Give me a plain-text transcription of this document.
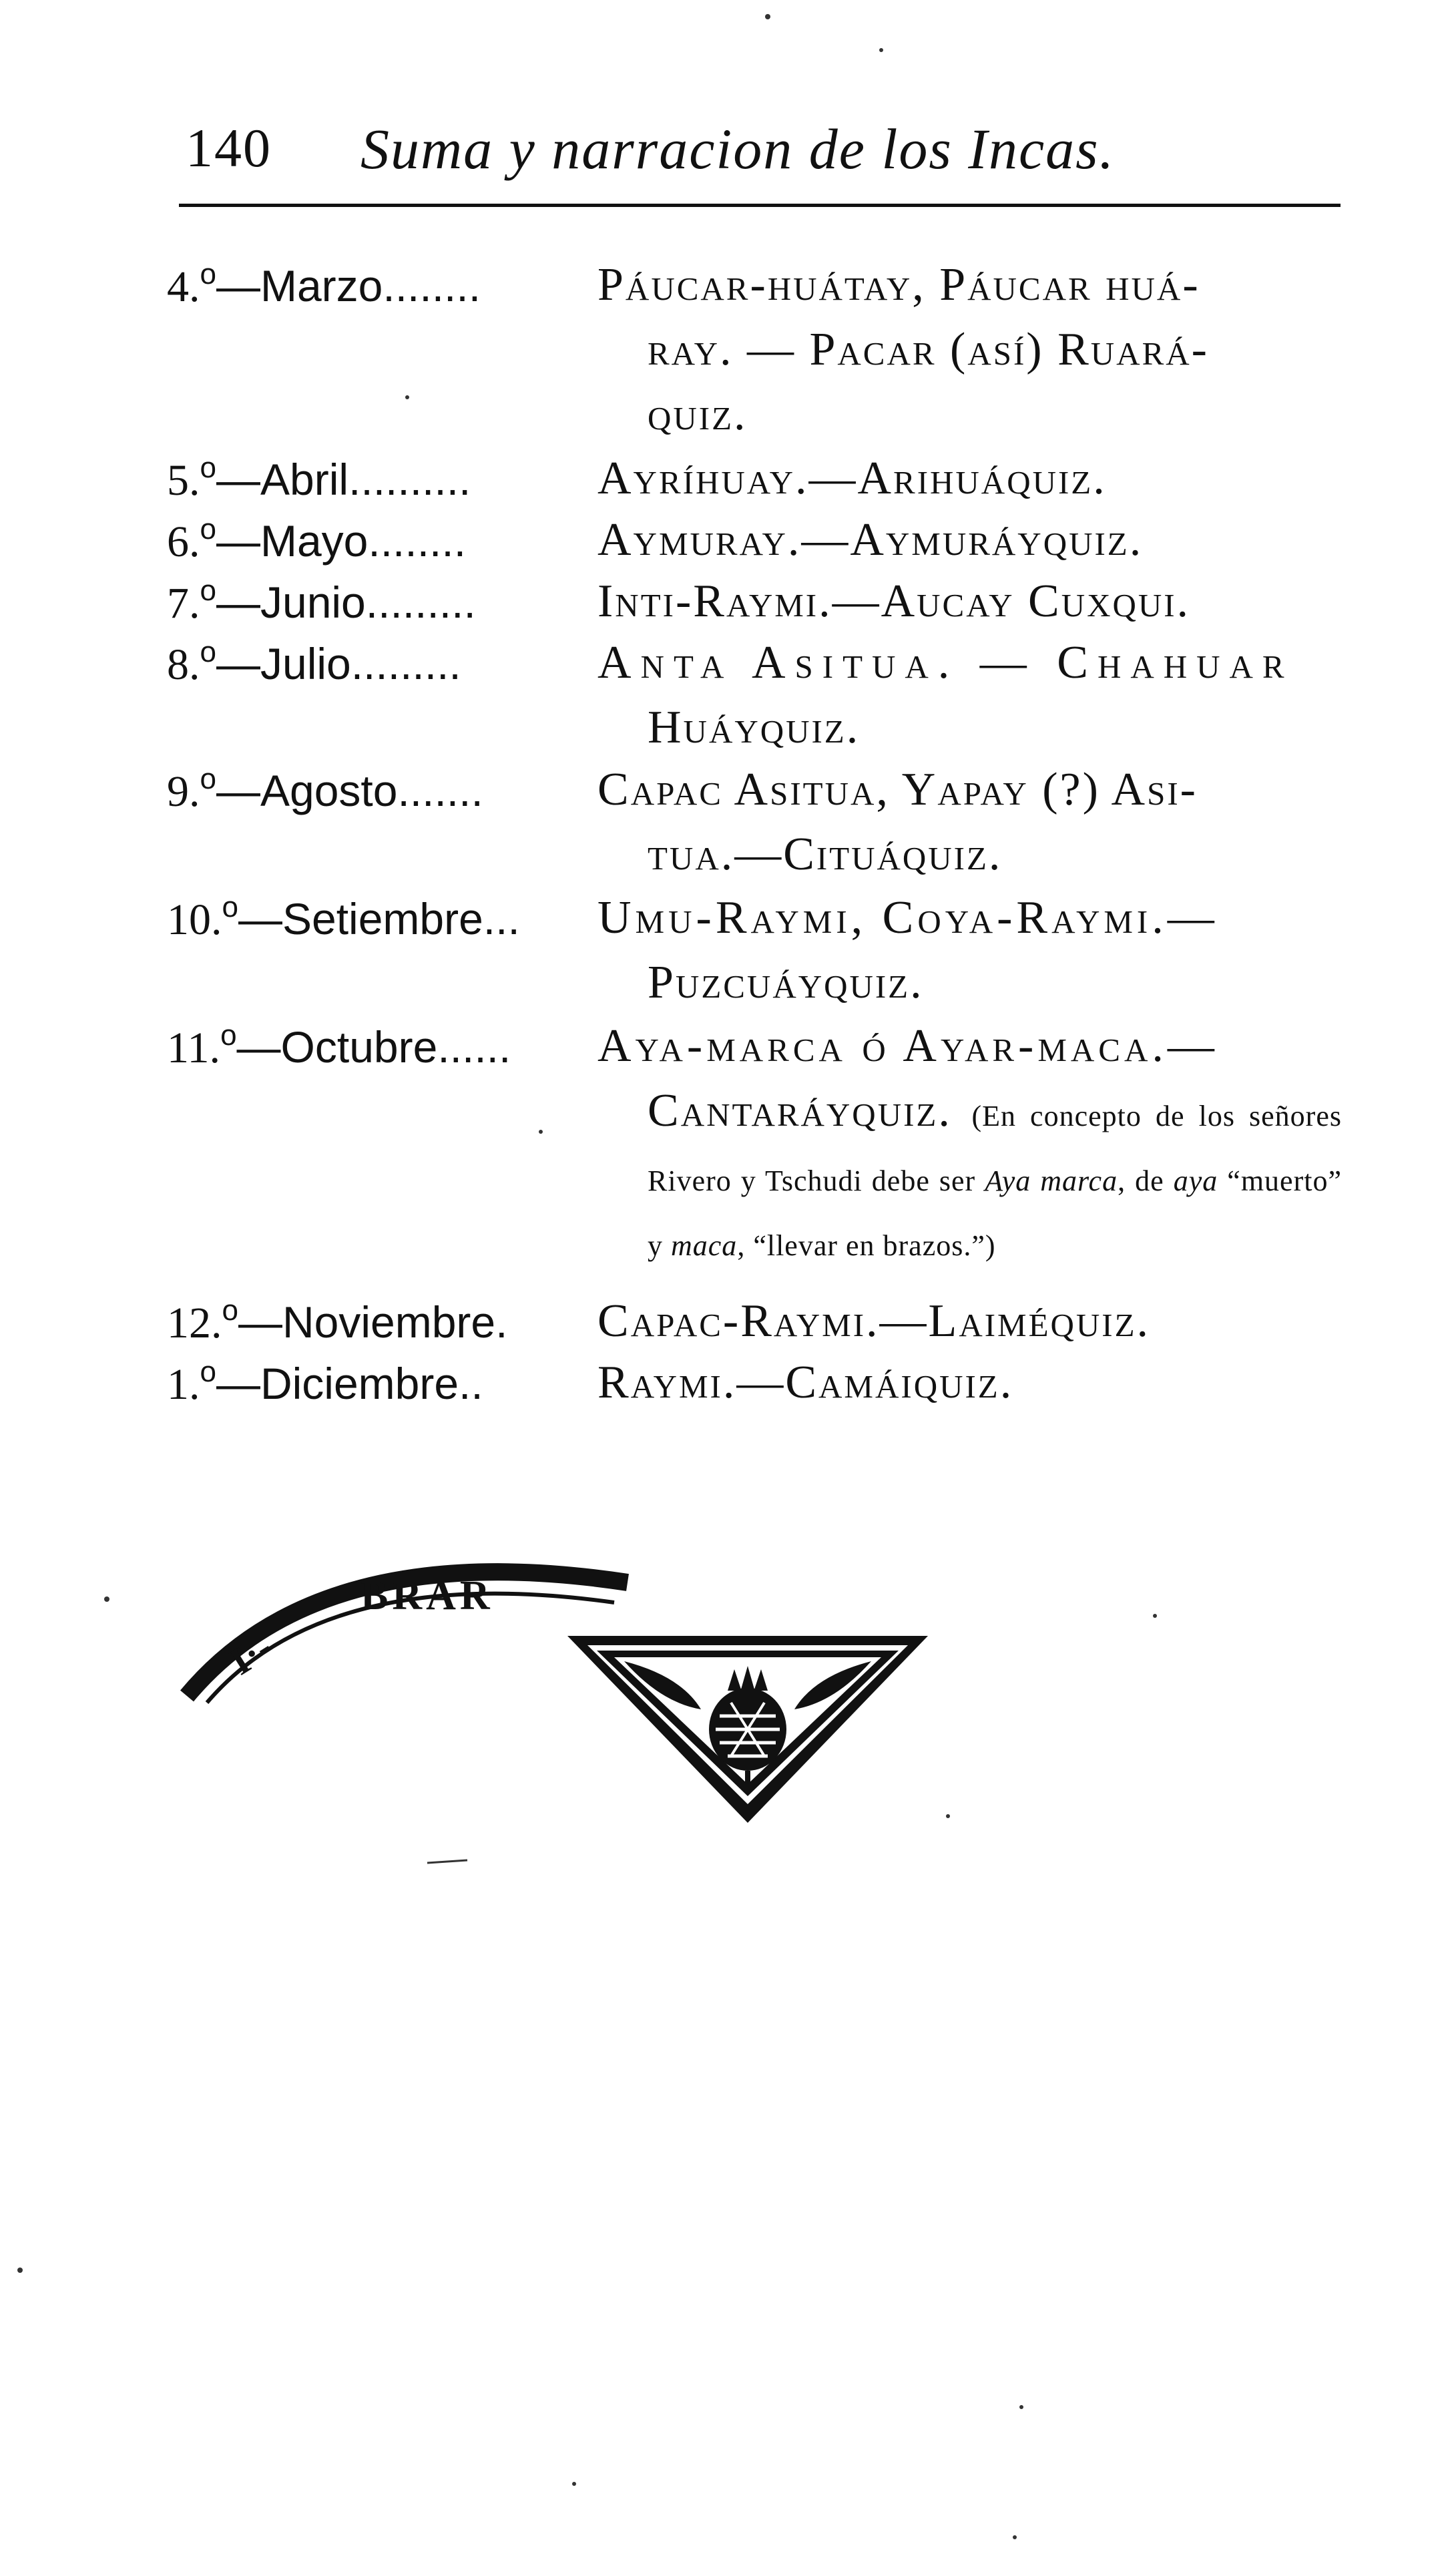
140 Suma y narracion de los Incas.
4.$^o$—Marzo........	Páucar-huátay, Páucar huá-
ray. — Pacar (así) Ruará-
quiz.
5.$^o$—Abril..........	Ayríhuay.—Arihuáquiz.
6.$^o$—Mayo........	Aymuray.—Aymuráyquiz.
7.$^o$—Junio.........	Inti-Raymi.—Aucay Cuxqui.
8.$^o$—Julio.........	Anta Asitua. — Chahuar
Huáyquiz.
9.$^o$—Agosto.......	Capac Asitua, Yapay (?) Asi-
tua.—Cituáquiz.
10.$^o$—Setiembre...	Umu-Raymi, Coya-Raymi.—
Puzcuáyquiz.
11.$^o$—Octubre......	Aya-marca ó Ayar-maca.—
Cantaráyquiz. (En concepto de los señores Rivero y Tschudi debe ser Aya marca, de aya “muerto” y maca, “llevar en brazos.”)
12.$^o$—Noviembre.	Capac-Raymi.—Laiméquiz.
1.$^o$—Diciembre..	Raymi.—Camáiquiz.
I·-
BRAR
